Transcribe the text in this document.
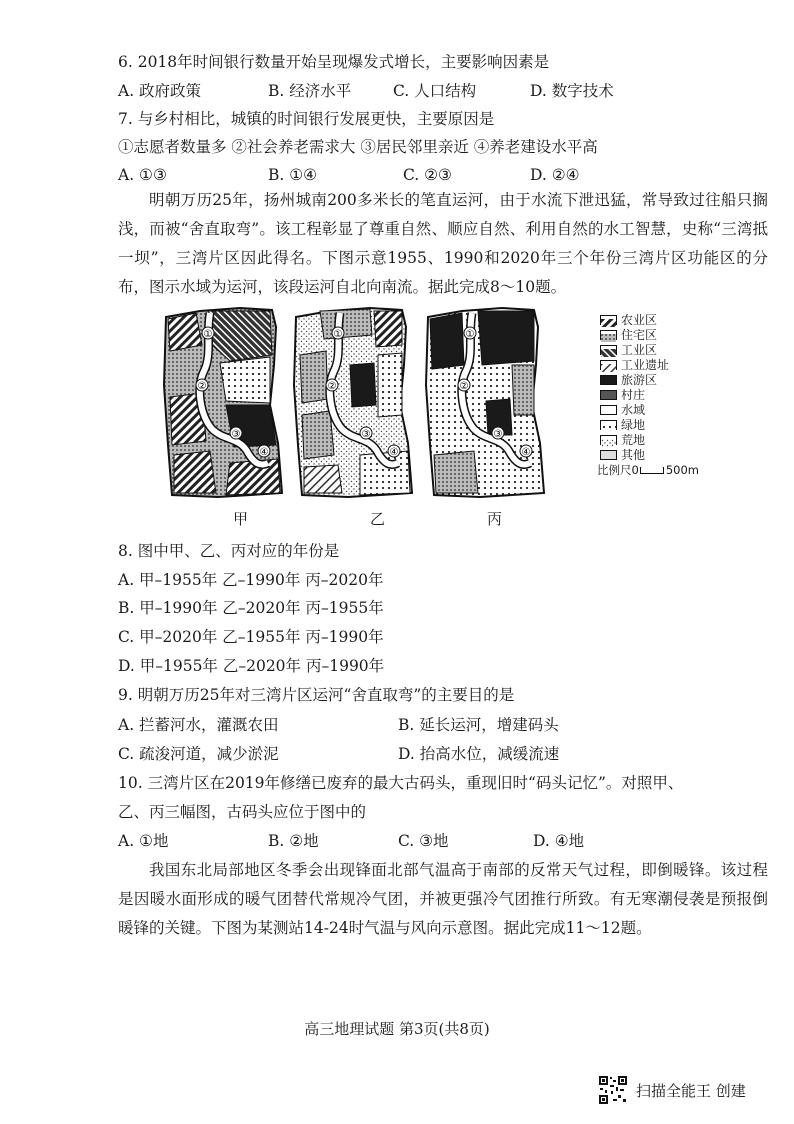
6. 2018年时间银行数量开始呈现爆发式增长，主要影响因素是
A. 政府政策	B. 经济水平	C. 人口结构	D. 数字技术
7. 与乡村相比，城镇的时间银行发展更快，主要原因是
①志愿者数量多 ②社会养老需求大 ③居民邻里亲近 ④养老建设水平高
A. ①③	B. ①④	C. ②③	D. ②④

明朝万历25年，扬州城南200多米长的笔直运河，由于水流下泄迅猛，常导致过往船只搁浅，而被“舍直取弯”。该工程彰显了尊重自然、顺应自然、利用自然的水工智慧，史称“三湾抵一坝”，三湾片区因此得名。下图示意1955、1990和2020年三个年份三湾片区功能区的分布，图示水域为运河，该段运河自北向南流。据此完成8～10题。

①
②
③
④
①
②
③
④
①
②
③
④
甲	乙	丙
农业区
住宅区
工业区
工业遗址
旅游区
村庄
水域
绿地
荒地
其他
比例尺 0 500m
8. 图中甲、乙、丙对应的年份是
A. 甲–1955年 乙–1990年 丙–2020年
B. 甲–1990年 乙–2020年 丙–1955年
C. 甲–2020年 乙–1955年 丙–1990年
D. 甲–1955年 乙–2020年 丙–1990年
9. 明朝万历25年对三湾片区运河“舍直取弯”的主要目的是
A. 拦蓄河水，灌溉农田	B. 延长运河，增建码头
C. 疏浚河道，减少淤泥	D. 抬高水位，减缓流速
10. 三湾片区在2019年修缮已废弃的最大古码头，重现旧时“码头记忆”。对照甲、
乙、丙三幅图，古码头应位于图中的
A. ①地	B. ②地	C. ③地	D. ④地

我国东北局部地区冬季会出现锋面北部气温高于南部的反常天气过程，即倒暖锋。该过程是因暖水面形成的暖气团替代常规冷气团，并被更强冷气团推行所致。有无寒潮侵袭是预报倒暖锋的关键。下图为某测站14-24时气温与风向示意图。据此完成11～12题。

高三地理试题 第3页(共8页)
扫描全能王 创建
